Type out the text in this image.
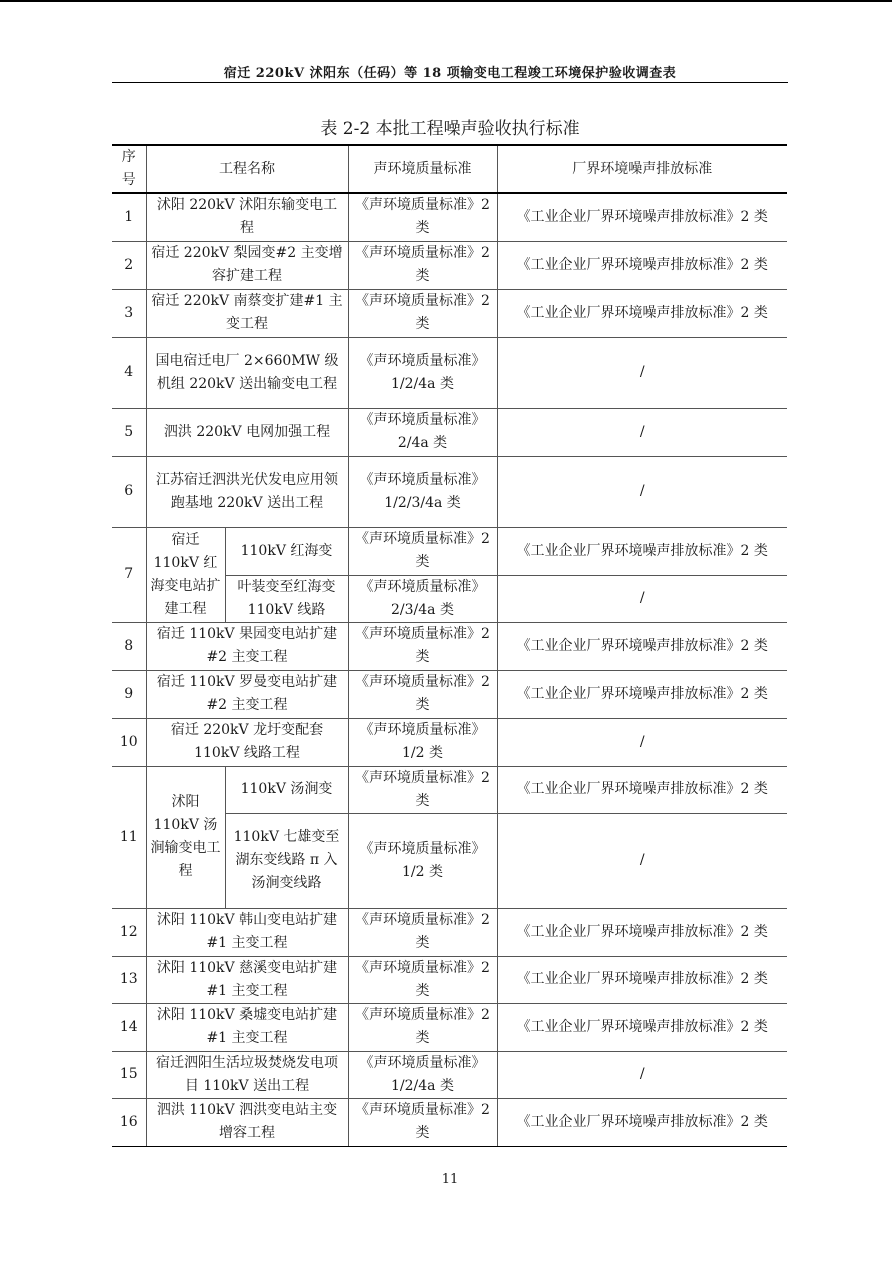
宿迁 220kV 沭阳东（任码）等 18 项输变电工程竣工环境保护验收调查表
表 2-2 本批工程噪声验收执行标准
序号	工程名称		声环境质量标准	厂界环境噪声排放标准
1	沭阳 220kV 沭阳东输变电工程		《声环境质量标准》2 类	《工业企业厂界环境噪声排放标准》2 类
2	宿迁 220kV 梨园变#2 主变增容扩建工程		《声环境质量标准》2 类	《工业企业厂界环境噪声排放标准》2 类
3	宿迁 220kV 南蔡变扩建#1 主变工程		《声环境质量标准》2 类	《工业企业厂界环境噪声排放标准》2 类
4	国电宿迁电厂 2×660MW 级机组 220kV 送出输变电工程		《声环境质量标准》1/2/4a 类	/
5	泗洪 220kV 电网加强工程		《声环境质量标准》2/4a 类	/
6	江苏宿迁泗洪光伏发电应用领跑基地 220kV 送出工程		《声环境质量标准》1/2/3/4a 类	/
7	宿迁 110kV 红海变电站扩建工程	110kV 红海变	《声环境质量标准》2 类	《工业企业厂界环境噪声排放标准》2 类
		叶装变至红海变 110kV 线路	《声环境质量标准》2/3/4a 类	/
8	宿迁 110kV 果园变电站扩建#2 主变工程		《声环境质量标准》2 类	《工业企业厂界环境噪声排放标准》2 类
9	宿迁 110kV 罗曼变电站扩建#2 主变工程		《声环境质量标准》2 类	《工业企业厂界环境噪声排放标准》2 类
10	宿迁 220kV 龙圩变配套 110kV 线路工程		《声环境质量标准》1/2 类	/
11	沭阳 110kV 汤涧输变电工程	110kV 汤涧变	《声环境质量标准》2 类	《工业企业厂界环境噪声排放标准》2 类
		110kV 七雄变至湖东变线路 π 入汤涧变线路	《声环境质量标准》1/2 类	/
12	沭阳 110kV 韩山变电站扩建#1 主变工程		《声环境质量标准》2 类	《工业企业厂界环境噪声排放标准》2 类
13	沭阳 110kV 慈溪变电站扩建#1 主变工程		《声环境质量标准》2 类	《工业企业厂界环境噪声排放标准》2 类
14	沭阳 110kV 桑墟变电站扩建#1 主变工程		《声环境质量标准》2 类	《工业企业厂界环境噪声排放标准》2 类
15	宿迁泗阳生活垃圾焚烧发电项目 110kV 送出工程		《声环境质量标准》1/2/4a 类	/
16	泗洪 110kV 泗洪变电站主变增容工程		《声环境质量标准》2 类	《工业企业厂界环境噪声排放标准》2 类
11
